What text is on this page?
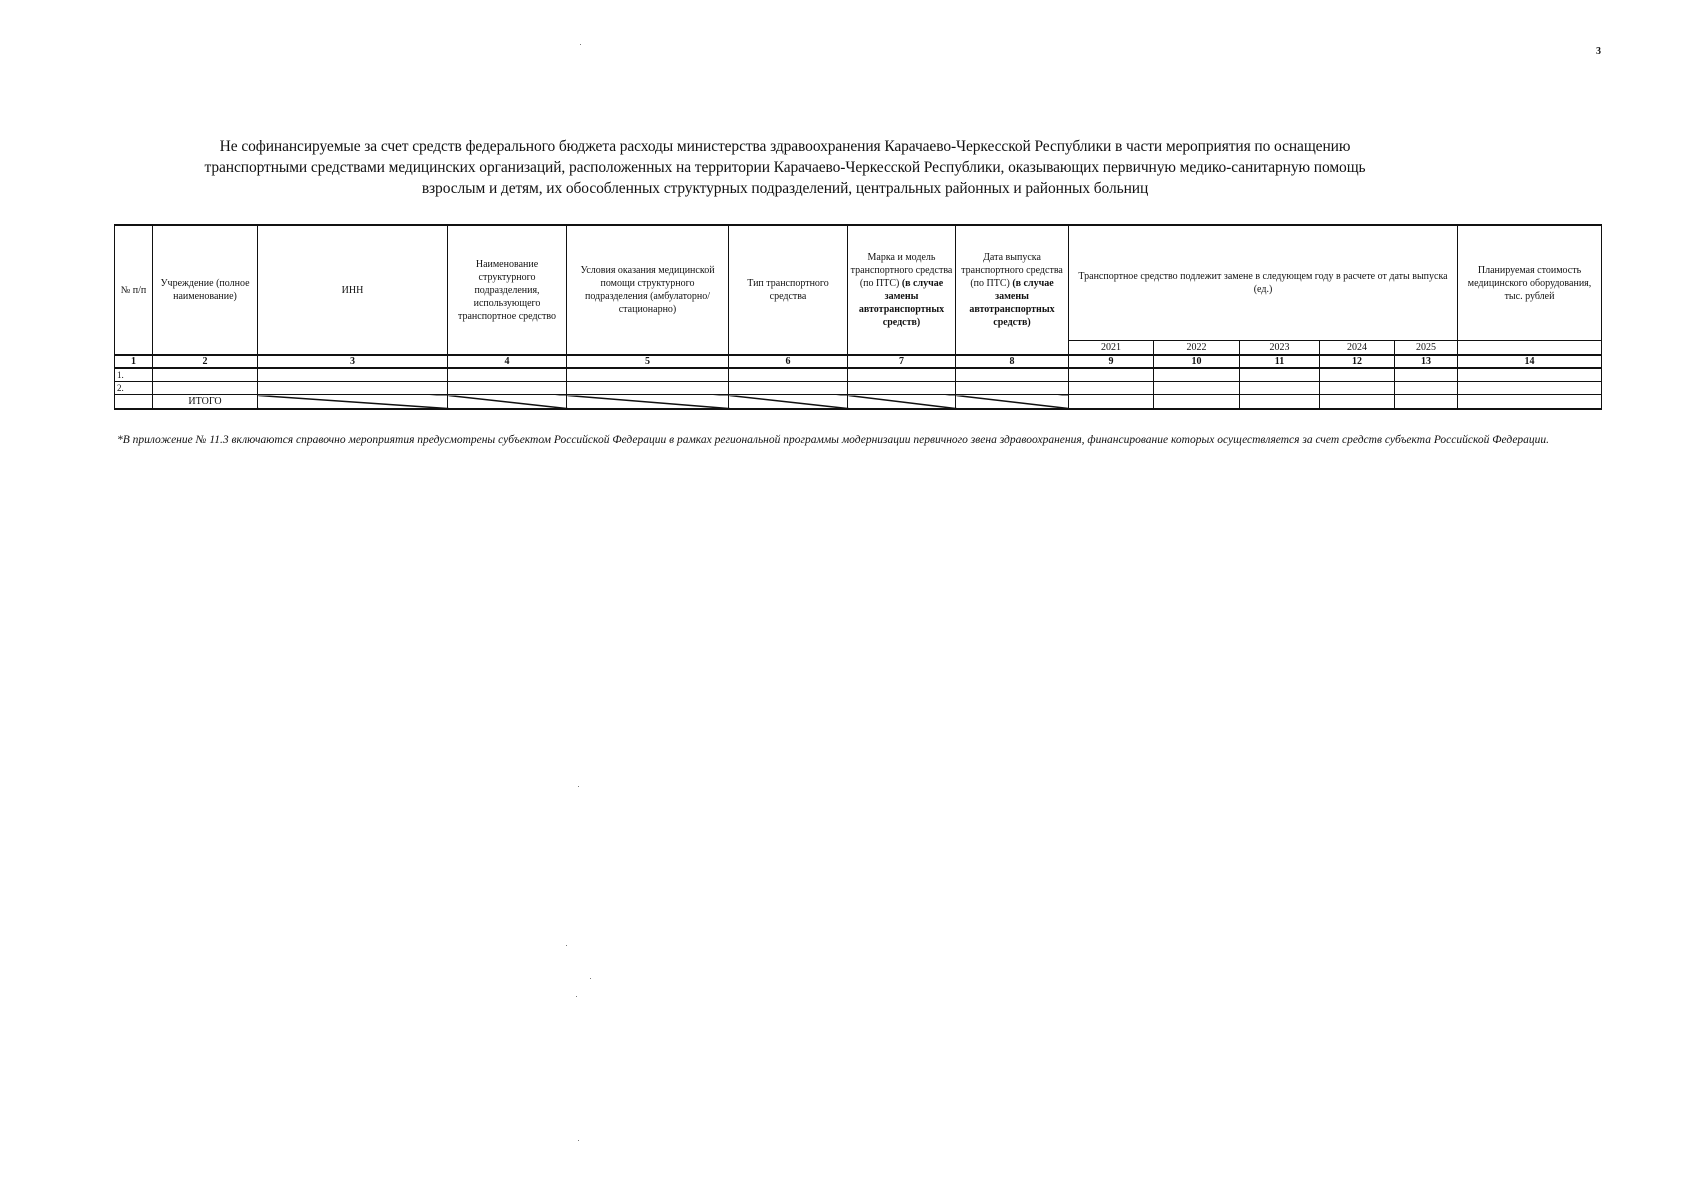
3
Не софинансируемые за счет средств федерального бюджета расходы министерства здравоохранения Карачаево-Черкесской Республики в части мероприятия по оснащению
транспортными средствами медицинских организаций, расположенных на территории Карачаево-Черкесской Республики, оказывающих первичную медико-санитарную помощь
взрослым и детям, их обособленных структурных подразделений, центральных районных и районных больниц
№ п/п	Учреждение (полное наименование)	ИНН	Наименование структурного подразделения, использующего транспортное средство	Условия оказания медицинской помощи структурного подразделения (амбулаторно/стационарно)	Тип транспортного средства	Марка и модель транспортного средства (по ПТС) (в случае замены автотранспортных средств)	Дата выпуска транспортного средства (по ПТС) (в случае замены автотранспортных средств)	Транспортное средство подлежит замене в следующем году в расчете от даты выпуска (ед.)					Планируемая стоимость медицинского оборудования, тыс. рублей
								2021	2022	2023	2024	2025	
1	2	3	4	5	6	7	8	9	10	11	12	13	14
1.													
2.													
	ИТОГО												
*В приложение № 11.3 включаются справочно мероприятия предусмотрены субъектом Российской Федерации в рамках региональной программы модернизации первичного звена здравоохранения, финансирование которых осуществляется за счет средств субъекта Российской Федерации.
